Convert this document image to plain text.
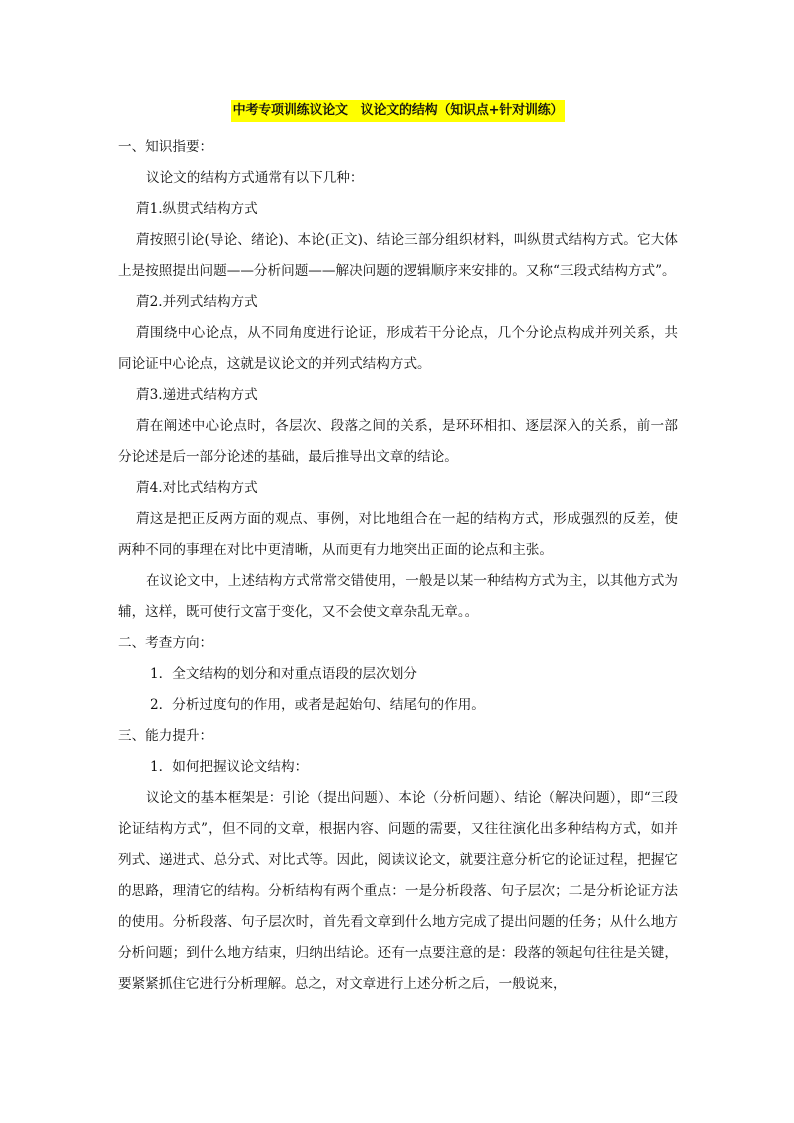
中考专项训练议论文　议论文的结构（知识点+针对训练）
一、知识指要：
议论文的结构方式通常有以下几种：
菺1.纵贯式结构方式
菺按照引论(导论、绪论)、本论(正文)、结论三部分组织材料，叫纵贯式结构方式。它大体上是按照提出问题——分析问题——解决问题的逻辑顺序来安排的。又称“三段式结构方式”。
菺2.并列式结构方式
菺围绕中心论点，从不同角度进行论证，形成若干分论点，几个分论点构成并列关系，共同论证中心论点，这就是议论文的并列式结构方式。
菺3.递进式结构方式
菺在阐述中心论点时，各层次、段落之间的关系，是环环相扣、逐层深入的关系，前一部分论述是后一部分论述的基础，最后推导出文章的结论。
菺4.对比式结构方式
菺这是把正反两方面的观点、事例，对比地组合在一起的结构方式，形成强烈的反差，使两种不同的事理在对比中更清晰，从而更有力地突出正面的论点和主张。
在议论文中，上述结构方式常常交错使用，一般是以某一种结构方式为主，以其他方式为辅，这样，既可使行文富于变化，又不会使文章杂乱无章。。
二、考查方向：
1．全文结构的划分和对重点语段的层次划分
2．分析过度句的作用，或者是起始句、结尾句的作用。
三、能力提升：
1．如何把握议论文结构：
议论文的基本框架是：引论（提出问题）、本论（分析问题）、结论（解决问题），即“三段论证结构方式”，但不同的文章，根据内容、问题的需要，又往往演化出多种结构方式，如并列式、递进式、总分式、对比式等。因此，阅读议论文，就要注意分析它的论证过程，把握它的思路，理清它的结构。分析结构有两个重点：一是分析段落、句子层次；二是分析论证方法的使用。分析段落、句子层次时，首先看文章到什么地方完成了提出问题的任务；从什么地方分析问题；到什么地方结束，归纳出结论。还有一点要注意的是：段落的领起句往往是关键，要紧紧抓住它进行分析理解。总之，对文章进行上述分析之后，一般说来，
